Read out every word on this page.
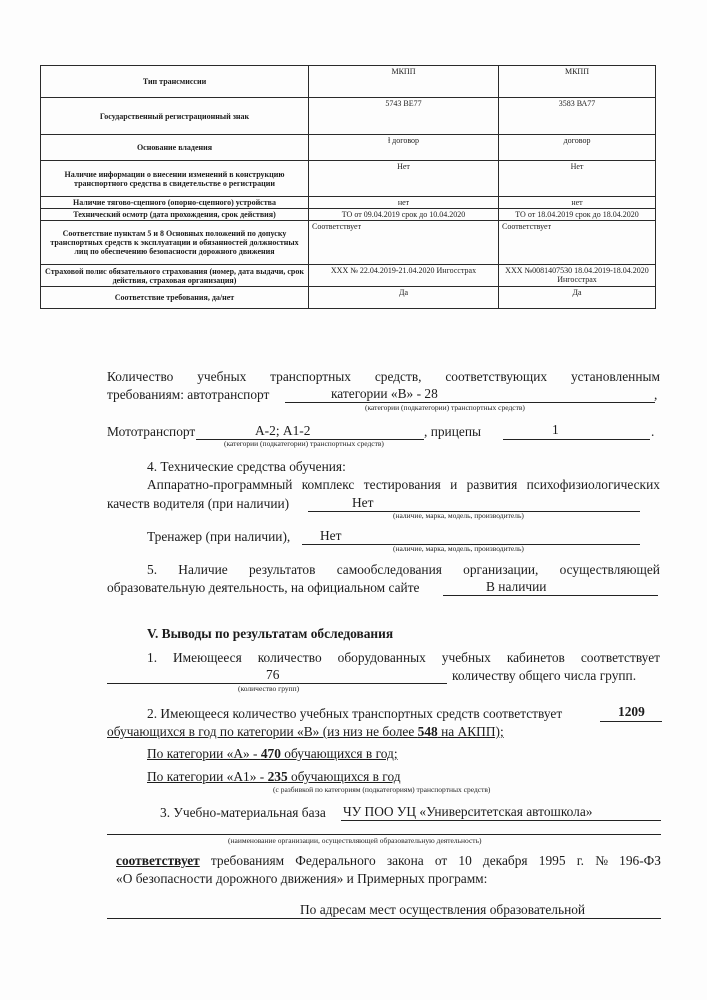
Тип трансмиссии	МКПП	МКПП
Государственный регистрационный знак	5743 ВЕ77	3583 ВА77
Основание владения	ⱡ договор	договор
Наличие информации о внесении изменений в конструкцию транспортного средства в свидетельстве о регистрации	Нет	Нет
Наличие тягово-сцепного (опорно-сцепного) устройства	нет	нет
Технический осмотр (дата прохождения, срок действия)	ТО от 09.04.2019 срок до 10.04.2020	ТО от 18.04.2019 срок до 18.04.2020
Соответствие пунктам 5 и 8 Основных положений по допуску транспортных средств к эксплуатации и обязанностей должностных лиц по обеспечению безопасности дорожного движения	Соответствует	Соответствует
Страховой полис обязательного страхования (номер, дата выдачи, срок действия, страховая организация)	ХХХ № 22.04.2019-21.04.2020 Ингосстрах	ХХХ №0081407530 18.04.2019-18.04.2020 Ингосстрах
Соответствие требования, да/нет	Да	Да
Количество учебных транспортных средств, соответствующих установленным
требованиям: автотранспорт	категории «В» - 28	,
(категории (подкатегории) транспортных средств)
Мототранспорт	А-2; А1-2	, прицепы	1	.
(категории (подкатегории) транспортных средств)
4. Технические средства обучения:
Аппаратно-программный комплекс тестирования и развития психофизиологических
качеств водителя (при наличии)	Нет
(наличие, марка, модель, производитель)
Тренажер (при наличии), Нет
(наличие, марка, модель, производитель)
5. Наличие результатов самообследования организации, осуществляющей
образовательную деятельность, на официальном сайте	В наличии
V. Выводы по результатам обследования
1. Имеющееся количество оборудованных учебных кабинетов соответствует
76	количеству общего числа групп.
(количество групп)
2. Имеющееся количество учебных транспортных средств соответствует	1209
обучающихся в год по категории «В» (из низ не более 548 на АКПП);
По категории «А» - 470 обучающихся в год;
По категории «А1» - 235 обучающихся в год
(с разбивкой по категориям (подкатегориям) транспортных средств)
3. Учебно-материальная база ЧУ ПОО УЦ «Университетская автошкола»
(наименование организации, осуществляющей образовательную деятельность)
соответствует требованиям Федерального закона от 10 декабря 1995 г. № 196-ФЗ
«О безопасности дорожного движения» и Примерных программ:
По адресам мест осуществления образовательной
